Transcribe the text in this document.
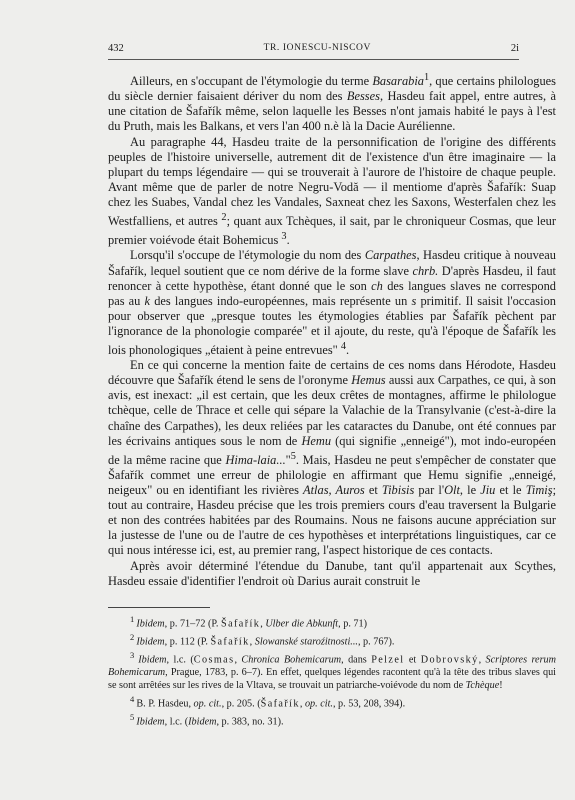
432	TR. IONESCU-NISCOV	2i

Ailleurs, en s'occupant de l'étymologie du terme Basarabia$^1$, que certains philologues du siècle dernier faisaient dériver du nom des Besses, Hasdeu fait appel, entre autres, à une citation de Šafařík même, selon laquelle les Besses n'ont jamais habité le pays à l'est du Pruth, mais les Balkans, et vers l'an 400 n.è là la Dacie Aurélienne.

Au paragraphe 44, Hasdeu traite de la personnification de l'origine des différents peuples de l'histoire universelle, autrement dit de l'existence d'un être imaginaire — la plupart du temps légendaire — qui se trouverait à l'aurore de l'histoire de chaque peuple. Avant même que de parler de notre Negru-Vodă — il mentiome d'après Šafařík: Suap chez les Suabes, Vandal chez les Vandales, Saxneat chez les Saxons, Westerfalen chez les Westfalliens, et autres $^2$; quant aux Tchèques, il sait, par le chroniqueur Cosmas, que leur premier voiévode était Bohemicus $^3$.

Lorsqu'il s'occupe de l'étymologie du nom des Carpathes, Hasdeu critique à nouveau Šafařík, lequel soutient que ce nom dérive de la forme slave chrb. D'après Hasdeu, il faut renoncer à cette hypothèse, étant donné que le son ch des langues slaves ne correspond pas au k des langues indo-européennes, mais représente un s primitif. Il saisit l'occasion pour observer que „presque toutes les étymologies établies par Šafařík pèchent par l'ignorance de la phonologie comparée" et il ajoute, du reste, qu'à l'époque de Šafařík les lois phonologiques „étaient à peine entrevues" $^4$.

En ce qui concerne la mention faite de certains de ces noms dans Hérodote, Hasdeu découvre que Šafařík étend le sens de l'oronyme Hemus aussi aux Carpathes, ce qui, à son avis, est inexact: „il est certain, que les deux crêtes de montagnes, affirme le philologue tchèque, celle de Thrace et celle qui sépare la Valachie de la Transylvanie (c'est-à-dire la chaîne des Carpathes), les deux reliées par les cataractes du Danube, ont été connues par les écrivains antiques sous le nom de Hemu (qui signifie „enneigé"), mot indo-européen de la même racine que Hima-laia..."$^5$. Mais, Hasdeu ne peut s'empêcher de constater que Šafařík commet une erreur de philologie en affirmant que Hemu signifie „enneigé, neigeux" ou en identifiant les rivières Atlas, Auros et Tibisis par l'Olt, le Jiu et le Timiş; tout au contraire, Hasdeu précise que les trois premiers cours d'eau traversent la Bulgarie et non des contrées habitées par des Roumains. Nous ne faisons aucune appréciation sur la justesse de l'une ou de l'autre de ces hypothèses et interprétations linguistiques, car ce qui nous intéresse ici, est, au premier rang, l'aspect historique de ces contacts.

Après avoir déterminé l'étendue du Danube, tant qu'il appartenait aux Scythes, Hasdeu essaie d'identifier l'endroit où Darius aurait construit le

$^1$ Ibidem, p. 71–72 (P. Šafařík, Ulber die Abkunft, p. 71)

$^2$ Ibidem, p. 112 (P. Šafařík, Slowanské staroźitnosti..., p. 767).

$^3$ Ibidem, l.c. (Cosmas, Chronica Bohemicarum, dans Pelzel et Dobrovský, Scriptores rerum Bohemicarum, Prague, 1783, p. 6–7). En effet, quelques légendes racontent qu'à la tête des tribus slaves qui se sont arrêtées sur les rives de la Vltava, se trouvait un patriarche-voiévode du nom de Tchèque!

$^4$ B. P. Hasdeu, op. cit., p. 205. (Šafařík, op. cit., p. 53, 208, 394).

$^5$ Ibidem, l.c. (Ibidem, p. 383, no. 31).
